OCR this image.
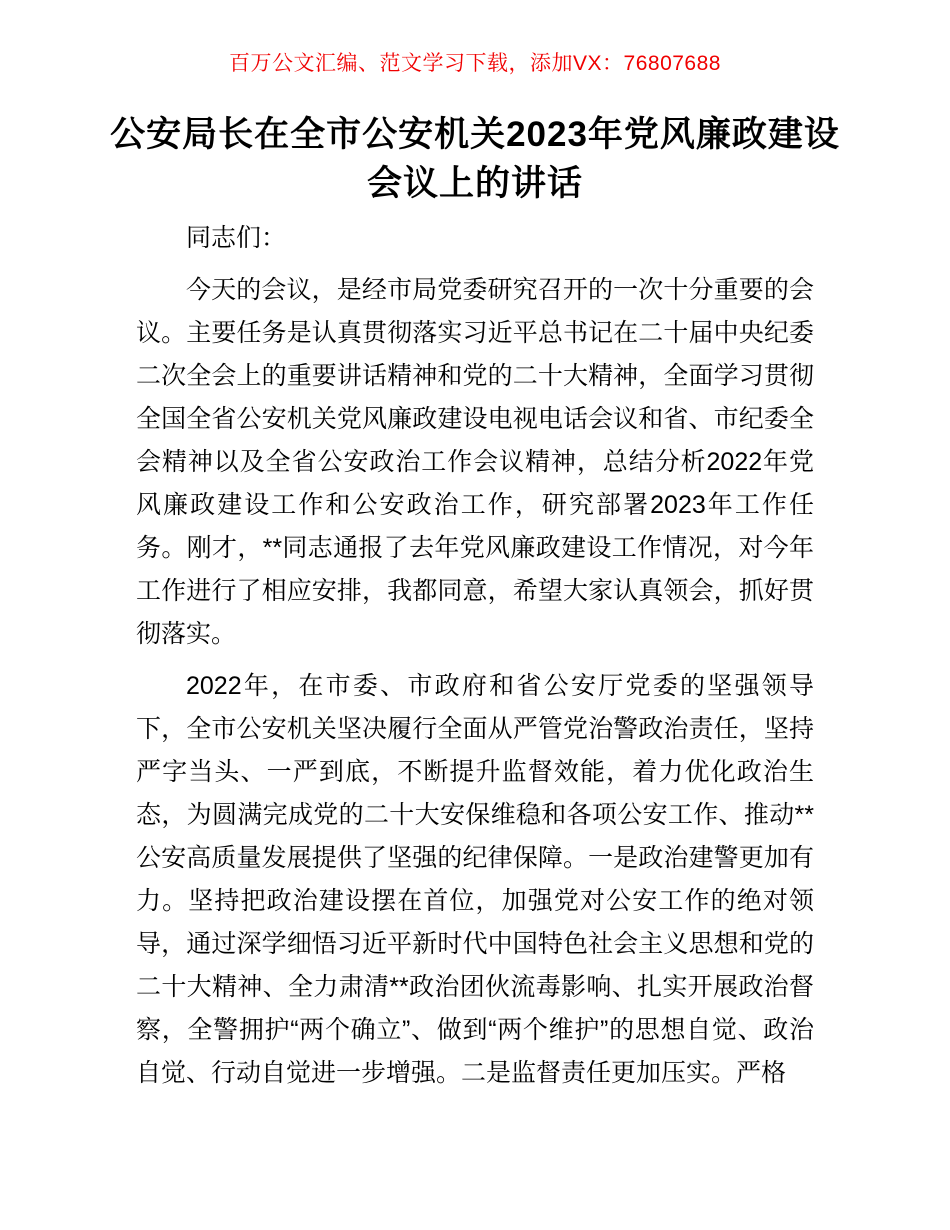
百万公文汇编、范文学习下载，添加VX：76807688
公安局长在全市公安机关2023年党风廉政建设
会议上的讲话

同志们：

今天的会议，是经市局党委研究召开的一次十分重要的会议。主要任务是认真贯彻落实习近平总书记在二十届中央纪委二次全会上的重要讲话精神和党的二十大精神，全面学习贯彻全国全省公安机关党风廉政建设电视电话会议和省、市纪委全会精神以及全省公安政治工作会议精神，总结分析2022年党风廉政建设工作和公安政治工作，研究部署2023年工作任务。刚才，**同志通报了去年党风廉政建设工作情况，对今年工作进行了相应安排，我都同意，希望大家认真领会，抓好贯彻落实。

2022年，在市委、市政府和省公安厅党委的坚强领导下，全市公安机关坚决履行全面从严管党治警政治责任，坚持严字当头、一严到底，不断提升监督效能，着力优化政治生态，为圆满完成党的二十大安保维稳和各项公安工作、推动**公安高质量发展提供了坚强的纪律保障。一是政治建警更加有力。坚持把政治建设摆在首位，加强党对公安工作的绝对领导，通过深学细悟习近平新时代中国特色社会主义思想和党的二十大精神、全力肃清**政治团伙流毒影响、扎实开展政治督察，全警拥护“两个确立”、做到“两个维护”的思想自觉、政治自觉、行动自觉进一步增强。二是监督责任更加压实。严格
